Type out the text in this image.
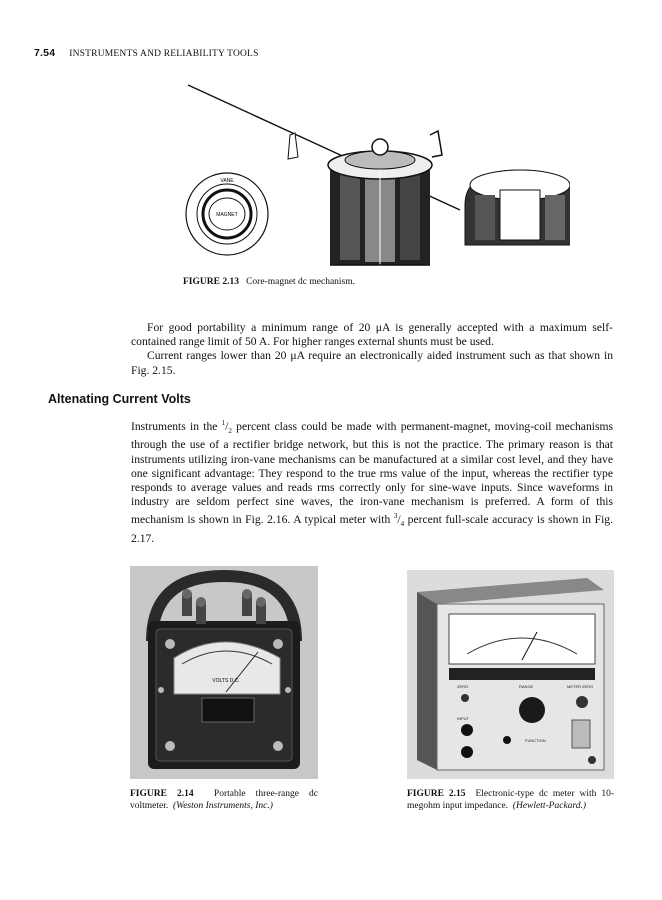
7.54 INSTRUMENTS AND RELIABILITY TOOLS
VANE
MAGNET
FIGURE 2.13 Core-magnet dc mechanism.

For good portability a minimum range of 20 μA is generally accepted with a maximum self-contained range limit of 50 A. For higher ranges external shunts must be used.

Current ranges lower than 20 μA require an electronically aided instrument such as that shown in Fig. 2.15.

Altenating Current Volts

Instruments in the $^1/_2$ percent class could be made with permanent-magnet, moving-coil mechanisms through the use of a rectifier bridge network, but this is not the practice. The primary reason is that instruments utilizing iron-vane mechanisms can be manufactured at a similar cost level, and they have one significant advantage: They respond to the true rms value of the input, whereas the rectifier type responds to average values and reads rms correctly only for sine-wave inputs. Since waveforms in industry are seldom perfect sine waves, the iron-vane mechanism is preferred. A form of this mechanism is shown in Fig. 2.16. A typical meter with $^3/_4$ percent full-scale accuracy is shown in Fig. 2.17.

VOLTS D.C.
FIGURE 2.14 Portable three-range dc voltmeter. (Weston Instruments, Inc.)
ZERO	RANGE	METER ZERO
INPUT
FUNCTION
FIGURE 2.15 Electronic-type dc meter with 10-megohm input impedance. (Hewlett-Packard.)
